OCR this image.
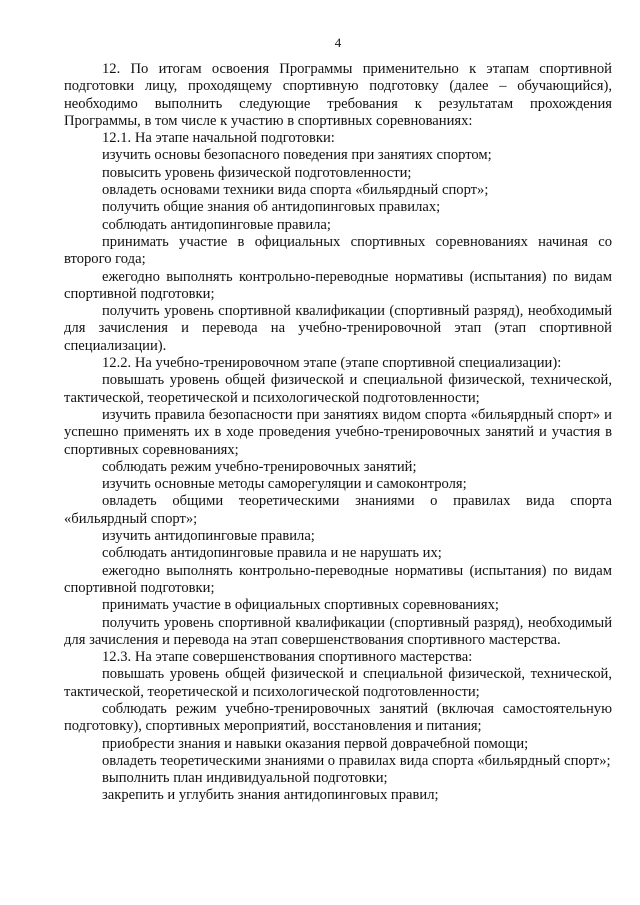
4

12. По итогам освоения Программы применительно к этапам спортивной подготовки лицу, проходящему спортивную подготовку (далее – обучающийся), необходимо выполнить следующие требования к результатам прохождения Программы, в том числе к участию в спортивных соревнованиях:

12.1. На этапе начальной подготовки:

изучить основы безопасного поведения при занятиях спортом;

повысить уровень физической подготовленности;

овладеть основами техники вида спорта «бильярдный спорт»;

получить общие знания об антидопинговых правилах;

соблюдать антидопинговые правила;

принимать участие в официальных спортивных соревнованиях начиная со второго года;

ежегодно выполнять контрольно-переводные нормативы (испытания) по видам спортивной подготовки;

получить уровень спортивной квалификации (спортивный разряд), необходимый для зачисления и перевода на учебно-тренировочной этап (этап спортивной специализации).

12.2. На учебно-тренировочном этапе (этапе спортивной специализации):

повышать уровень общей физической и специальной физической, технической, тактической, теоретической и психологической подготовленности;

изучить правила безопасности при занятиях видом спорта «бильярдный спорт» и успешно применять их в ходе проведения учебно-тренировочных занятий и участия в спортивных соревнованиях;

соблюдать режим учебно-тренировочных занятий;

изучить основные методы саморегуляции и самоконтроля;

овладеть общими теоретическими знаниями о правилах вида спорта «бильярдный спорт»;

изучить антидопинговые правила;

соблюдать антидопинговые правила и не нарушать их;

ежегодно выполнять контрольно-переводные нормативы (испытания) по видам спортивной подготовки;

принимать участие в официальных спортивных соревнованиях;

получить уровень спортивной квалификации (спортивный разряд), необходимый для зачисления и перевода на этап совершенствования спортивного мастерства.

12.3. На этапе совершенствования спортивного мастерства:

повышать уровень общей физической и специальной физической, технической, тактической, теоретической и психологической подготовленности;

соблюдать режим учебно-тренировочных занятий (включая самостоятельную подготовку), спортивных мероприятий, восстановления и питания;

приобрести знания и навыки оказания первой доврачебной помощи;

овладеть теоретическими знаниями о правилах вида спорта «бильярдный спорт»;

выполнить план индивидуальной подготовки;

закрепить и углубить знания антидопинговых правил;
